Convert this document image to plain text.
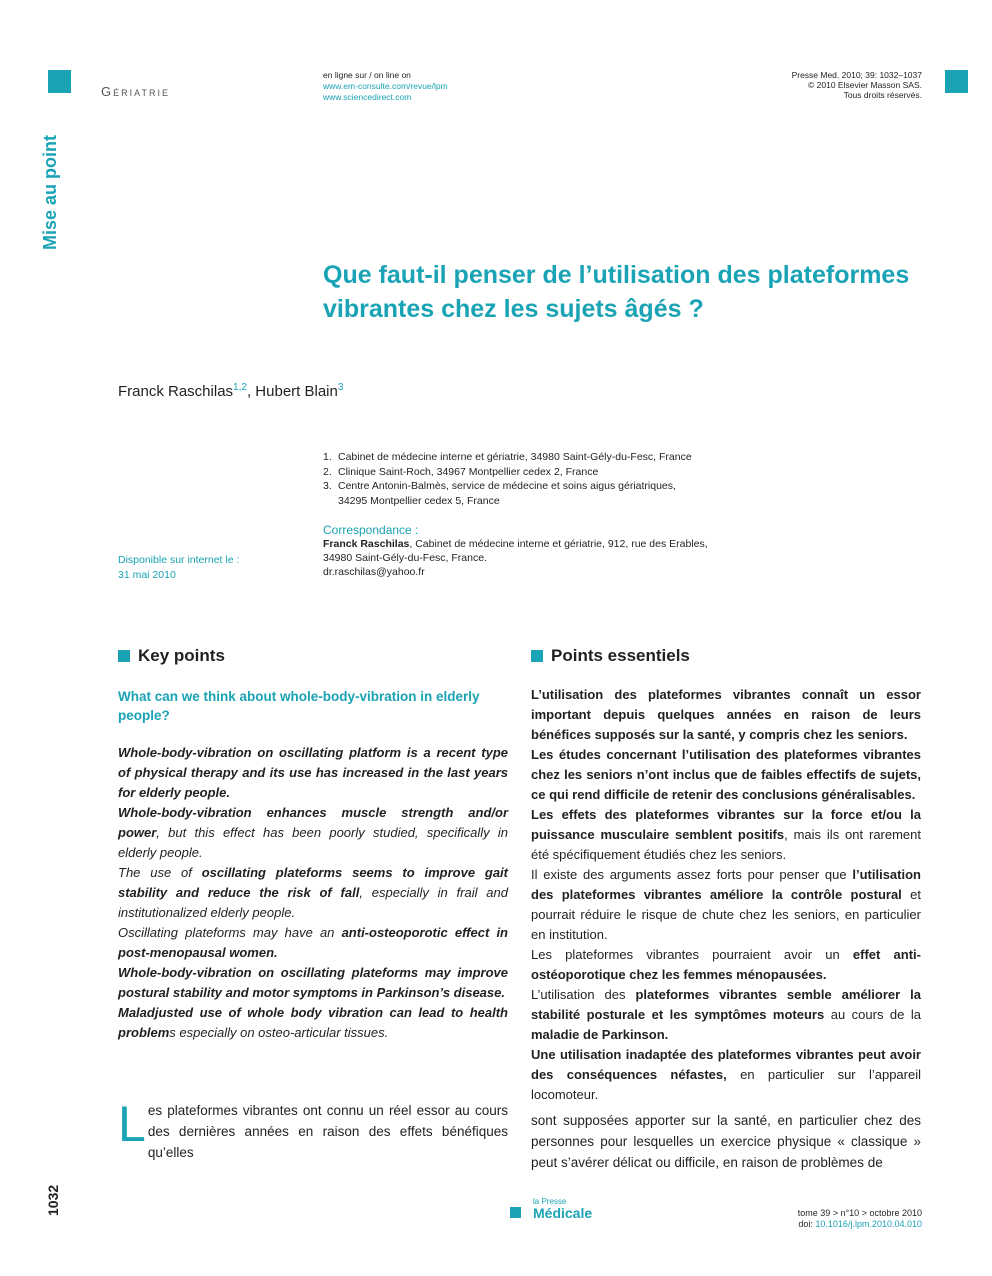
Gériatrie
Mise au point
en ligne sur / on line on
www.em-consulte.com/revue/lpm
www.sciencedirect.com
Presse Med. 2010; 39: 1032–1037
© 2010 Elsevier Masson SAS.
Tous droits réservés.
Que faut-il penser de l’utilisation des plateformes vibrantes chez les sujets âgés ?
Franck Raschilas$^{1,2}$, Hubert Blain$^3$
1. Cabinet de médecine interne et gériatrie, 34980 Saint-Gély-du-Fesc, France
2. Clinique Saint-Roch, 34967 Montpellier cedex 2, France
3. Centre Antonin-Balmès, service de médecine et soins aigus gériatriques,
34295 Montpellier cedex 5, France
Correspondance :
Franck Raschilas, Cabinet de médecine interne et gériatrie, 912, rue des Erables,
34980 Saint-Gély-du-Fesc, France.
dr.raschilas@yahoo.fr
Disponible sur internet le :
31 mai 2010
Key points	Points essentiels
What can we think about whole-body-vibration in elderly people?

Whole-body-vibration on oscillating platform is a recent type of physical therapy and its use has increased in the last years for elderly people.

Whole-body-vibration enhances muscle strength and/or power, but this effect has been poorly studied, specifically in elderly people.

The use of oscillating plateforms seems to improve gait stability and reduce the risk of fall, especially in frail and institutionalized elderly people.

Oscillating plateforms may have an anti-osteoporotic effect in post-menopausal women.

Whole-body-vibration on oscillating plateforms may improve postural stability and motor symptoms in Parkinson’s disease.

Maladjusted use of whole body vibration can lead to health problems especially on osteo-articular tissues.

L’utilisation des plateformes vibrantes connaît un essor important depuis quelques années en raison de leurs bénéfices supposés sur la santé, y compris chez les seniors.

Les études concernant l’utilisation des plateformes vibrantes chez les seniors n’ont inclus que de faibles effectifs de sujets, ce qui rend difficile de retenir des conclusions généralisables.

Les effets des plateformes vibrantes sur la force et/ou la puissance musculaire semblent positifs, mais ils ont rarement été spécifiquement étudiés chez les seniors.

Il existe des arguments assez forts pour penser que l’utilisation des plateformes vibrantes améliore la contrôle postural et pourrait réduire le risque de chute chez les seniors, en particulier en institution.

Les plateformes vibrantes pourraient avoir un effet anti-ostéoporotique chez les femmes ménopausées.

L’utilisation des plateformes vibrantes semble améliorer la stabilité posturale et les symptômes moteurs au cours de la maladie de Parkinson.

Une utilisation inadaptée des plateformes vibrantes peut avoir des conséquences néfastes, en particulier sur l’appareil locomoteur.

Les plateformes vibrantes ont connu un réel essor au cours des dernières années en raison des effets bénéfiques qu’elles
sont supposées apporter sur la santé, en particulier chez des personnes pour lesquelles un exercice physique « classique » peut s’avérer délicat ou difficile, en raison de problèmes de
1032	la Presse
Médicale	tome 39 > n°10 > octobre 2010
doi: 10.1016/j.lpm.2010.04.010
